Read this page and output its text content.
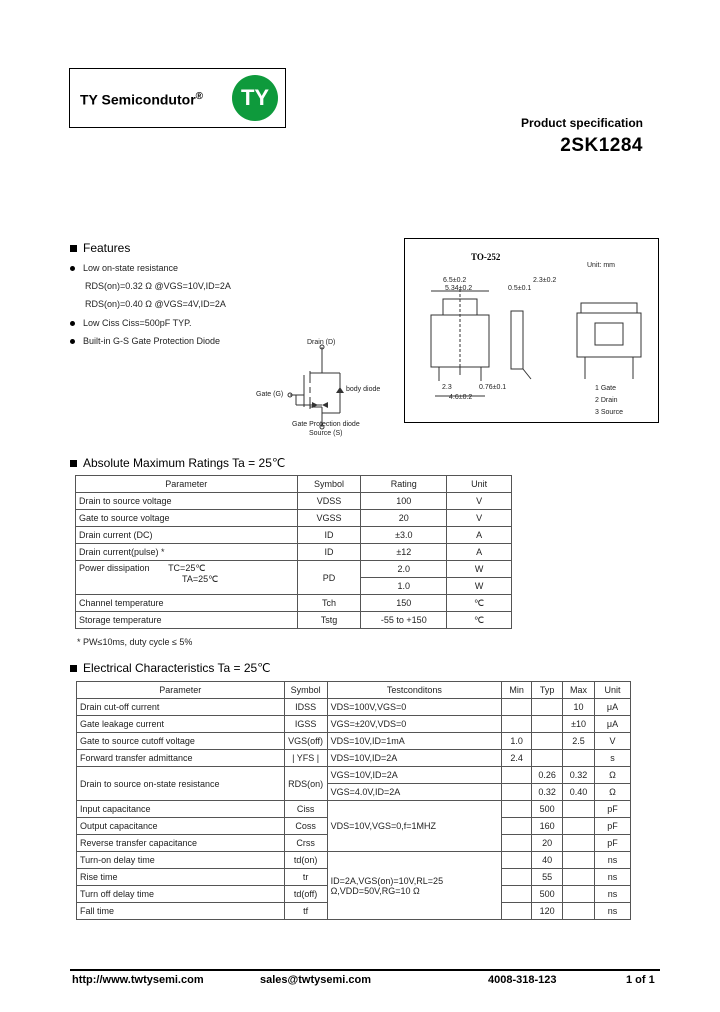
TY Semicondutor®	TY
Product specification
2SK1284
Features
Low on-state resistance
RDS(on)=0.32 Ω @VGS=10V,ID=2A
RDS(on)=0.40 Ω @VGS=4V,ID=2A
Low Ciss Ciss=500pF TYP.
Built-in G-S Gate Protection Diode	Drain (D)
Gate (G)
body diode
Gate Protection diode
Source (S)
TO-252
Unit: mm
6.5±0.2
5.34±0.2
2.3	0.76±0.1
4.6±0.2
0.5±0.1
2.3±0.2
1 Gate
2 Drain
3 Source
Absolute Maximum Ratings Ta = 25℃
Parameter	Symbol	Rating	Unit
Drain to source voltage	VDSS	100	V
Gate to source voltage	VGSS	20	V
Drain current (DC)	ID	±3.0	A
Drain current(pulse) *	ID	±12	A
Power dissipation TC=25℃
TA=25℃	PD	2.0	W
		1.0	W
Channel temperature	Tch	150	℃
Storage temperature	Tstg	-55 to +150	℃
* PW≤10ms, duty cycle ≤ 5%
Electrical Characteristics Ta = 25℃
Parameter	Symbol	Testconditons	Min	Typ	Max	Unit
Drain cut-off current	IDSS	VDS=100V,VGS=0			10	μA
Gate leakage current	IGSS	VGS=±20V,VDS=0			±10	μA
Gate to source cutoff voltage	VGS(off)	VDS=10V,ID=1mA	1.0		2.5	V
Forward transfer admittance	| YFS |	VDS=10V,ID=2A	2.4			s
Drain to source on-state resistance	RDS(on)	VGS=10V,ID=2A		0.26	0.32	Ω
		VGS=4.0V,ID=2A		0.32	0.40	Ω
Input capacitance	Ciss	VDS=10V,VGS=0,f=1MHZ		500		pF
Output capacitance	Coss			160		pF
Reverse transfer capacitance	Crss			20		pF
Turn-on delay time	td(on)	ID=2A,VGS(on)=10V,RL=25
Ω,VDD=50V,RG=10 Ω		40		ns
Rise time	tr			55		ns
Turn off delay time	td(off)			500		ns
Fall time	tf			120		ns
http://www.twtysemi.com	sales@twtysemi.com	4008-318-123	1 of 1
